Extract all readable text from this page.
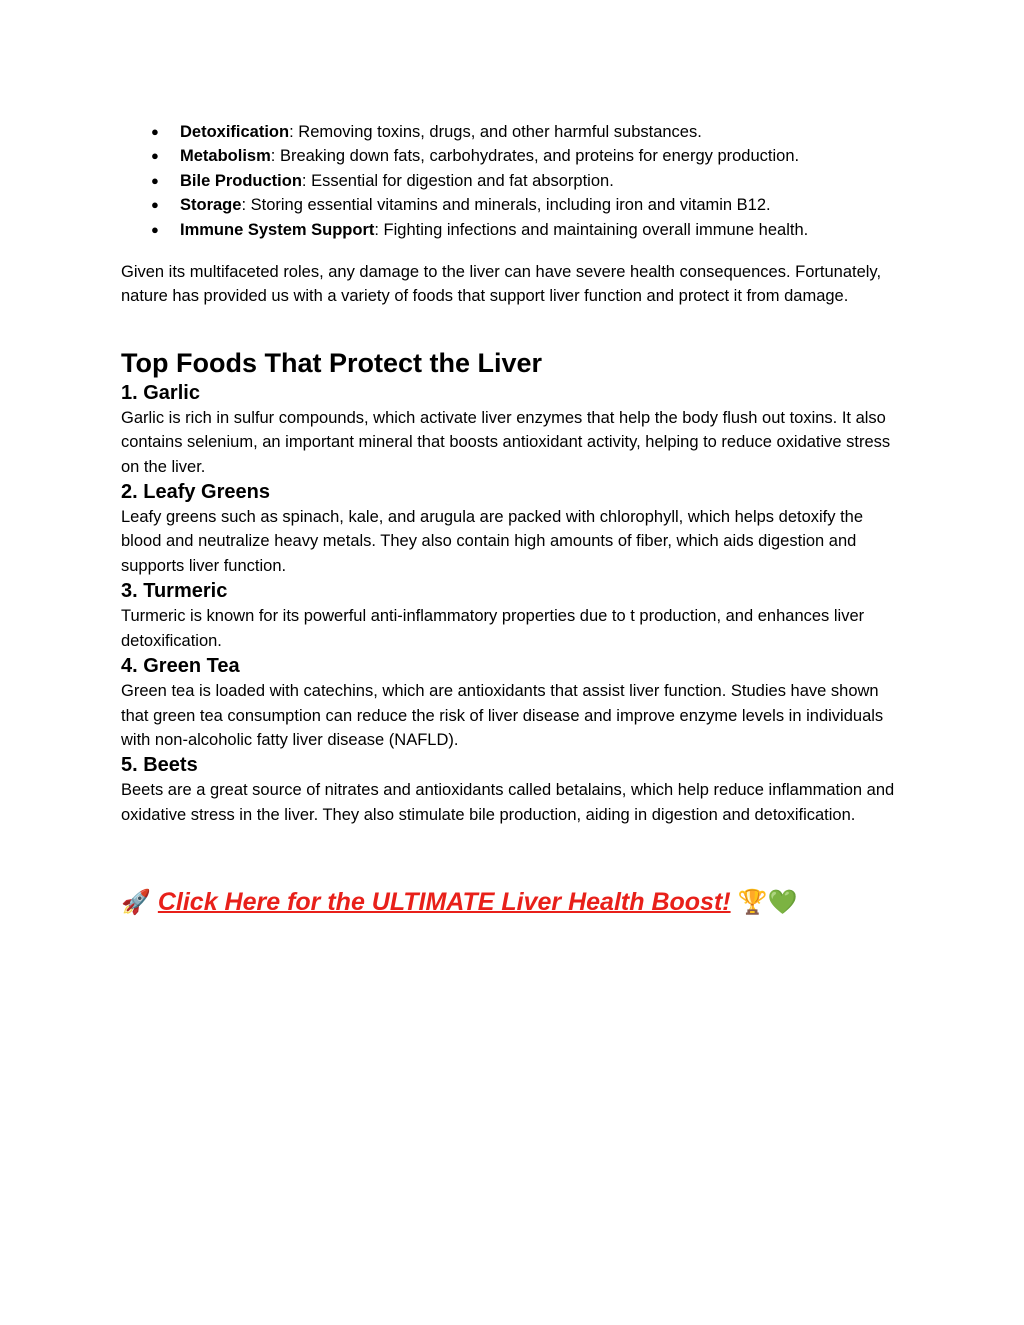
● Detoxification: Removing toxins, drugs, and other harmful substances.
● Metabolism: Breaking down fats, carbohydrates, and proteins for energy production.
● Bile Production: Essential for digestion and fat absorption.
● Storage: Storing essential vitamins and minerals, including iron and vitamin B12.
● Immune System Support: Fighting infections and maintaining overall immune health.

Given its multifaceted roles, any damage to the liver can have severe health consequences. Fortunately, nature has provided us with a variety of foods that support liver function and protect it from damage.

Top Foods That Protect the Liver
1. Garlic

Garlic is rich in sulfur compounds, which activate liver enzymes that help the body flush out toxins. It also contains selenium, an important mineral that boosts antioxidant activity, helping to reduce oxidative stress on the liver.

2. Leafy Greens

Leafy greens such as spinach, kale, and arugula are packed with chlorophyll, which helps detoxify the blood and neutralize heavy metals. They also contain high amounts of fiber, which aids digestion and supports liver function.

3. Turmeric

Turmeric is known for its powerful anti-inflammatory properties due to t production, and enhances liver detoxification.

4. Green Tea

Green tea is loaded with catechins, which are antioxidants that assist liver function. Studies have shown that green tea consumption can reduce the risk of liver disease and improve enzyme levels in individuals with non-alcoholic fatty liver disease (NAFLD).

5. Beets

Beets are a great source of nitrates and antioxidants called betalains, which help reduce inflammation and oxidative stress in the liver. They also stimulate bile production, aiding in digestion and detoxification.

🚀 Click Here for the ULTIMATE Liver Health Boost! 🏆💚
